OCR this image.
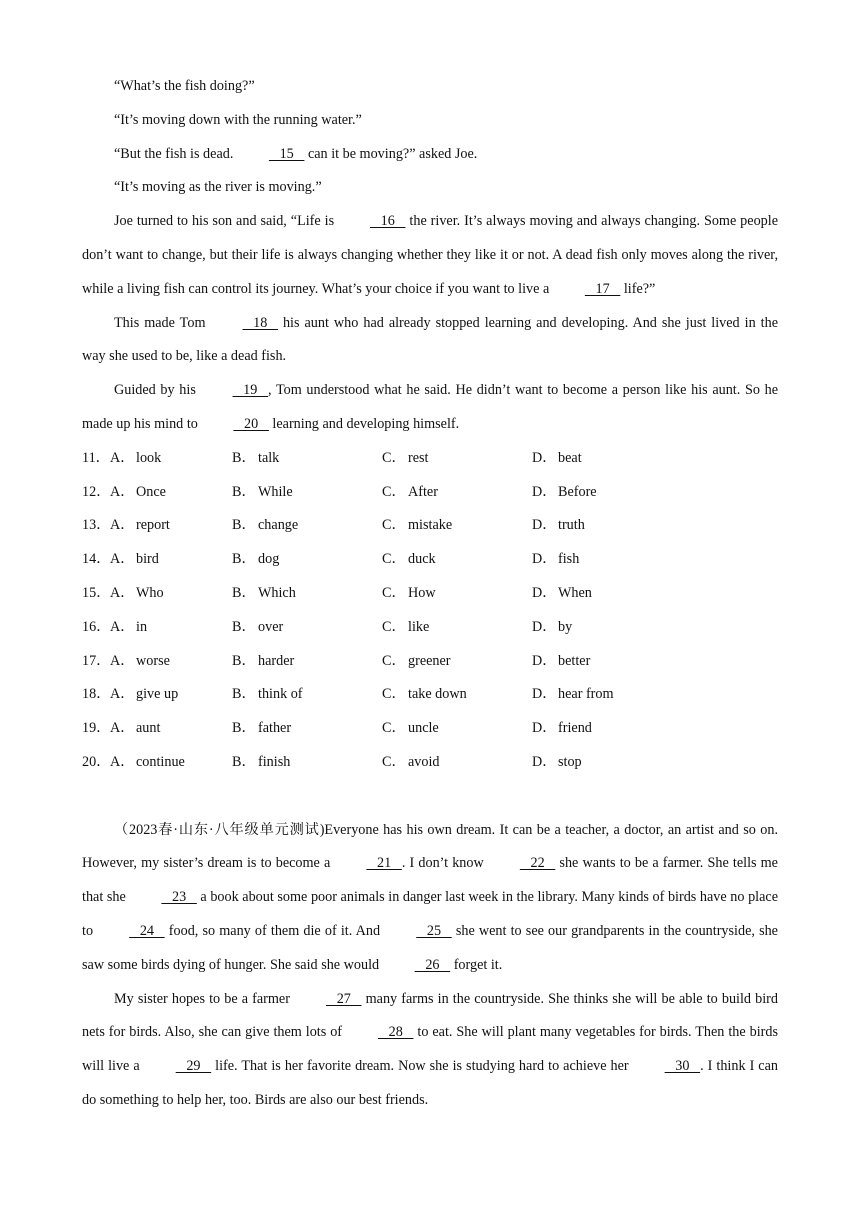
“What’s the fish doing?”

“It’s moving down with the running water.”

“But the fish is dead.    15    can it be moving?” asked Joe.

“It’s moving as the river is moving.”

Joe turned to his son and said, “Life is    16    the river. It’s always moving and always changing. Some people don’t want to change, but their life is always changing whether they like it or not. A dead fish only moves along the river, while a living fish can control its journey. What’s your choice if you want to live a    17    life?”

This made Tom    18    his aunt who had already stopped learning and developing. And she just lived in the way she used to be, like a dead fish.

Guided by his    19   , Tom understood what he said. He didn’t want to become a person like his aunt. So he made up his mind to    20    learning and developing himself.

11． A． look	B． talk	C． rest	D． beat
12． A． Once	B． While	C． After	D． Before
13． A． report	B． change	C． mistake	D． truth
14． A． bird	B． dog	C． duck	D． fish
15． A． Who	B． Which	C． How	D． When
16． A． in	B． over	C． like	D． by
17． A． worse	B． harder	C． greener	D． better
18． A． give up	B． think of	C． take down	D． hear from
19． A． aunt	B． father	C． uncle	D． friend
20． A． continue	B． finish	C． avoid	D． stop

（2023春·山东·八年级单元测试)Everyone has his own dream. It can be a teacher, a doctor, an artist and so on. However, my sister’s dream is to become a    21   . I don’t know    22    she wants to be a farmer. She tells me that she    23    a book about some poor animals in danger last week in the library. Many kinds of birds have no place to    24    food, so many of them die of it. And    25    she went to see our grandparents in the countryside, she saw some birds dying of hunger. She said she would    26    forget it.

My sister hopes to be a farmer    27    many farms in the countryside. She thinks she will be able to build bird nets for birds. Also, she can give them lots of    28    to eat. She will plant many vegetables for birds. Then the birds will live a    29    life. That is her favorite dream. Now she is studying hard to achieve her    30   . I think I can do something to help her, too. Birds are also our best friends.
